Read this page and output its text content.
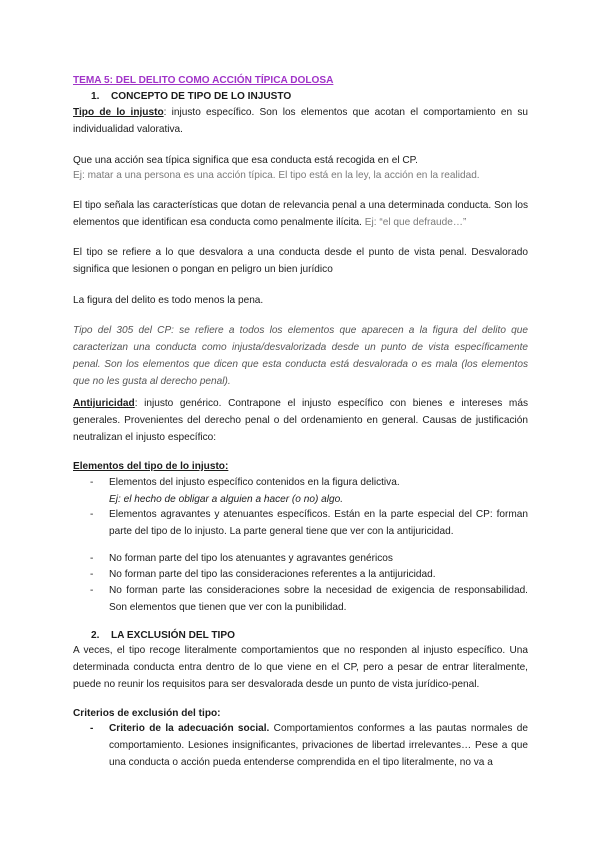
TEMA 5: DEL DELITO COMO ACCIÓN TÍPICA DOLOSA
1. CONCEPTO DE TIPO DE LO INJUSTO
Tipo de lo injusto: injusto específico. Son los elementos que acotan el comportamiento en su individualidad valorativa.
Que una acción sea típica significa que esa conducta está recogida en el CP.
Ej: matar a una persona es una acción típica. El tipo está en la ley, la acción en la realidad.
El tipo señala las características que dotan de relevancia penal a una determinada conducta. Son los elementos que identifican esa conducta como penalmente ilícita. Ej: “el que defraude…”
El tipo se refiere a lo que desvalora a una conducta desde el punto de vista penal. Desvalorado significa que lesionen o pongan en peligro un bien jurídico
La figura del delito es todo menos la pena.
Tipo del 305 del CP: se refiere a todos los elementos que aparecen a la figura del delito que caracterizan una conducta como injusta/desvalorizada desde un punto de vista específicamente penal. Son los elementos que dicen que esta conducta está desvalorada o es mala (los elementos que no les gusta al derecho penal).
Antijuricidad: injusto genérico. Contrapone el injusto específico con bienes e intereses más generales. Provenientes del derecho penal o del ordenamiento en general. Causas de justificación neutralizan el injusto específico:
Elementos del tipo de lo injusto:
-	Elementos del injusto específico contenidos en la figura delictiva.
Ej: el hecho de obligar a alguien a hacer (o no) algo.
-	Elementos agravantes y atenuantes específicos. Están en la parte especial del CP: forman parte del tipo de lo injusto. La parte general tiene que ver con la antijuricidad.
-	No forman parte del tipo los atenuantes y agravantes genéricos
-	No forman parte del tipo las consideraciones referentes a la antijuricidad.
-	No forman parte las consideraciones sobre la necesidad de exigencia de responsabilidad. Son elementos que tienen que ver con la punibilidad.
2. LA EXCLUSIÓN DEL TIPO
A veces, el tipo recoge literalmente comportamientos que no responden al injusto específico. Una determinada conducta entra dentro de lo que viene en el CP, pero a pesar de entrar literalmente, puede no reunir los requisitos para ser desvalorada desde un punto de vista jurídico-penal.
Criterios de exclusión del tipo:
-	Criterio de la adecuación social. Comportamientos conformes a las pautas normales de comportamiento. Lesiones insignificantes, privaciones de libertad irrelevantes… Pese a que una conducta o acción pueda entenderse comprendida en el tipo literalmente, no va a
